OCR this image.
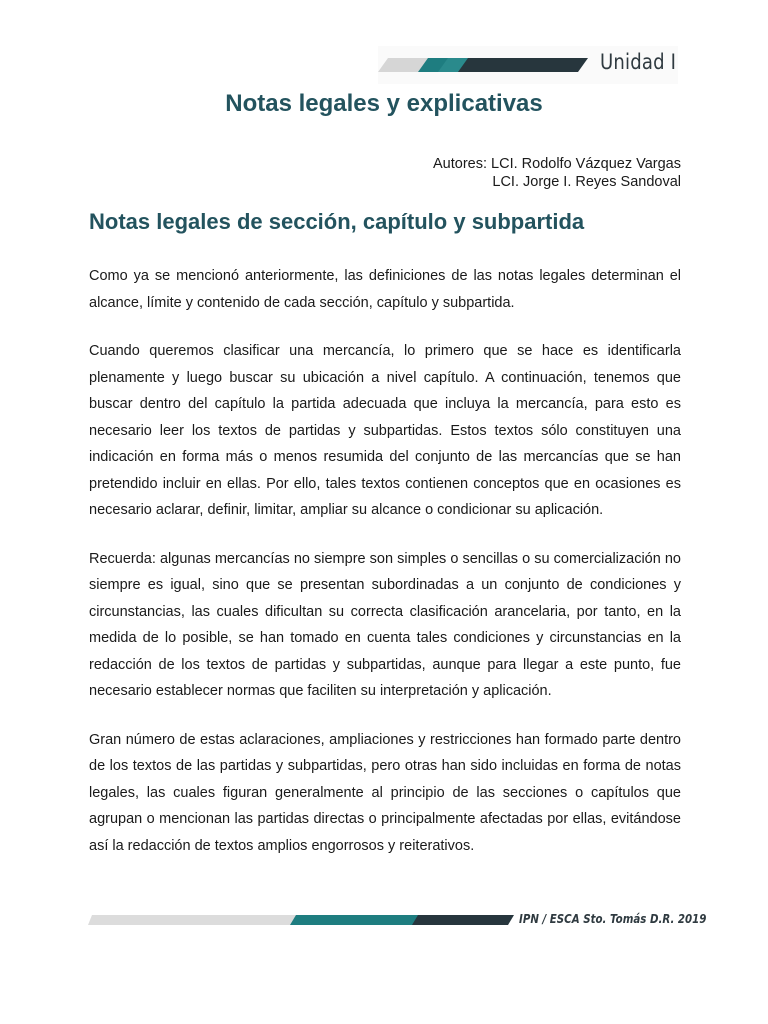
Unidad I
Notas legales y explicativas
Autores: LCI. Rodolfo Vázquez Vargas
LCI. Jorge I. Reyes Sandoval
Notas legales de sección, capítulo y subpartida

Como ya se mencionó anteriormente, las definiciones de las notas legales determinan el alcance, límite y contenido de cada sección, capítulo y subpartida.

Cuando queremos clasificar una mercancía, lo primero que se hace es identificarla plenamente y luego buscar su ubicación a nivel capítulo. A continuación, tenemos que buscar dentro del capítulo la partida adecuada que incluya la mercancía, para esto es necesario leer los textos de partidas y subpartidas. Estos textos sólo constituyen una indicación en forma más o menos resumida del conjunto de las mercancías que se han pretendido incluir en ellas. Por ello, tales textos contienen conceptos que en ocasiones es necesario aclarar, definir, limitar, ampliar su alcance o condicionar su aplicación.

Recuerda: algunas mercancías no siempre son simples o sencillas o su comercialización no siempre es igual, sino que se presentan subordinadas a un conjunto de condiciones y circunstancias, las cuales dificultan su correcta clasificación arancelaria, por tanto, en la medida de lo posible, se han tomado en cuenta tales condiciones y circunstancias en la redacción de los textos de partidas y subpartidas, aunque para llegar a este punto, fue necesario establecer normas que faciliten su interpretación y aplicación.

Gran número de estas aclaraciones, ampliaciones y restricciones han formado parte dentro de los textos de las partidas y subpartidas, pero otras han sido incluidas en forma de notas legales, las cuales figuran generalmente al principio de las secciones o capítulos que agrupan o mencionan las partidas directas o principalmente afectadas por ellas, evitándose así la redacción de textos amplios engorrosos y reiterativos.

IPN / ESCA Sto. Tomás D.R. 2019
